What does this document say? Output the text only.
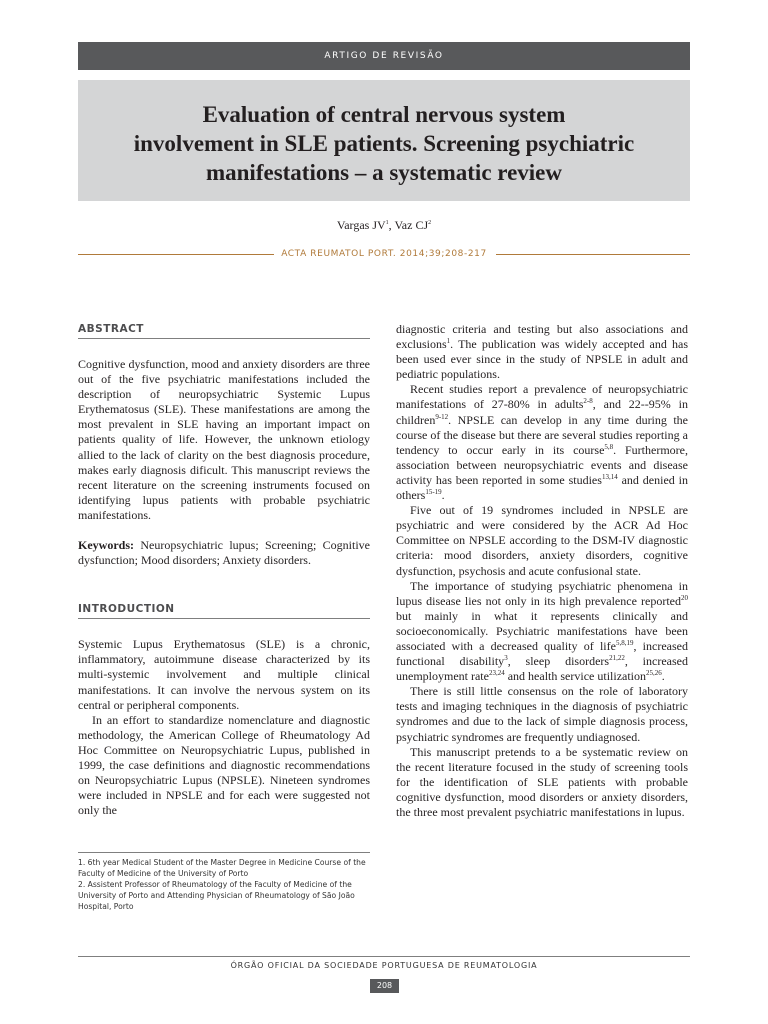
ARTIGO DE REVISÃO
Evaluation of central nervous system
involvement in SLE patients. Screening psychiatric
manifestations – a systematic review
Vargas $JV^1$, Vaz $CJ^2$
ACTA REUMATOL PORT. 2014;39;208-217
ABSTRACT

Cognitive dysfunction, mood and anxiety disorders are three out of the five psychiatric manifestations included the description of neuropsychiatric Systemic Lupus Erythematosus (SLE). These manifestations are among the most prevalent in SLE having an important impact on patients quality of life. However, the unknown etiology allied to the lack of clarity on the best diagnosis procedure, makes early diagnosis dificult. This manuscript reviews the recent literature on the screening instruments focused on identifying lupus patients with probable psychiatric manifestations.

Keywords: Neuropsychiatric lupus; Screening; Cognitive dysfunction; Mood disorders; Anxiety disorders.

INTRODUCTION

Systemic Lupus Erythematosus (SLE) is a chronic, inflammatory, autoimmune disease characterized by its multi-systemic involvement and multiple clinical manifestations. It can involve the nervous system on its central or peripheral components.

In an effort to standardize nomenclature and diagnostic methodology, the American College of Rheumatology Ad Hoc Committee on Neuropsychiatric Lupus, published in 1999, the case definitions and diagnostic recommendations on Neuropsychiatric Lupus (NPSLE). Nineteen syndromes were included in NPSLE and for each were suggested not only the

diagnostic criteria and testing but also associations and exclusions$^1$. The publication was widely accepted and has been used ever since in the study of NPSLE in adult and pediatric populations.

Recent studies report a prevalence of neuropsychiatric manifestations of 27-80% in adults$^{2-8}$, and 22--95% in children$^{9-12}$. NPSLE can develop in any time during the course of the disease but there are several studies reporting a tendency to occur early in its course$^{5,8}$. Furthermore, association between neuropsychiatric events and disease activity has been reported in some studies$^{13,14}$ and denied in others$^{15-19}$.

Five out of 19 syndromes included in NPSLE are psychiatric and were considered by the ACR Ad Hoc Committee on NPSLE according to the DSM-IV diagnostic criteria: mood disorders, anxiety disorders, cognitive dysfunction, psychosis and acute confusional state.

The importance of studying psychiatric phenomena in lupus disease lies not only in its high prevalence reported$^{20}$ but mainly in what it represents clinically and socioeconomically. Psychiatric manifestations have been associated with a decreased quality of life$^{5,8,19}$, increased functional disability$^3$, sleep disorders$^{21,22}$, increased unemployment rate$^{23,24}$ and health service utilization$^{25,26}$.

There is still little consensus on the role of laboratory tests and imaging techniques in the diagnosis of psychiatric syndromes and due to the lack of simple diagnosis process, psychiatric syndromes are frequently undiagnosed.

This manuscript pretends to a be systematic review on the recent literature focused in the study of screening tools for the identification of SLE patients with probable cognitive dysfunction, mood disorders or anxiety disorders, the three most prevalent psychiatric manifestations in lupus.

1. 6th year Medical Student of the Master Degree in Medicine Course of the Faculty of Medicine of the University of Porto

2. Assistent Professor of Rheumatology of the Faculty of Medicine of the University of Porto and Attending Physician of Rheumatology of São João Hospital, Porto

ÓRGÃO OFICIAL DA SOCIEDADE PORTUGUESA DE REUMATOLOGIA
208
